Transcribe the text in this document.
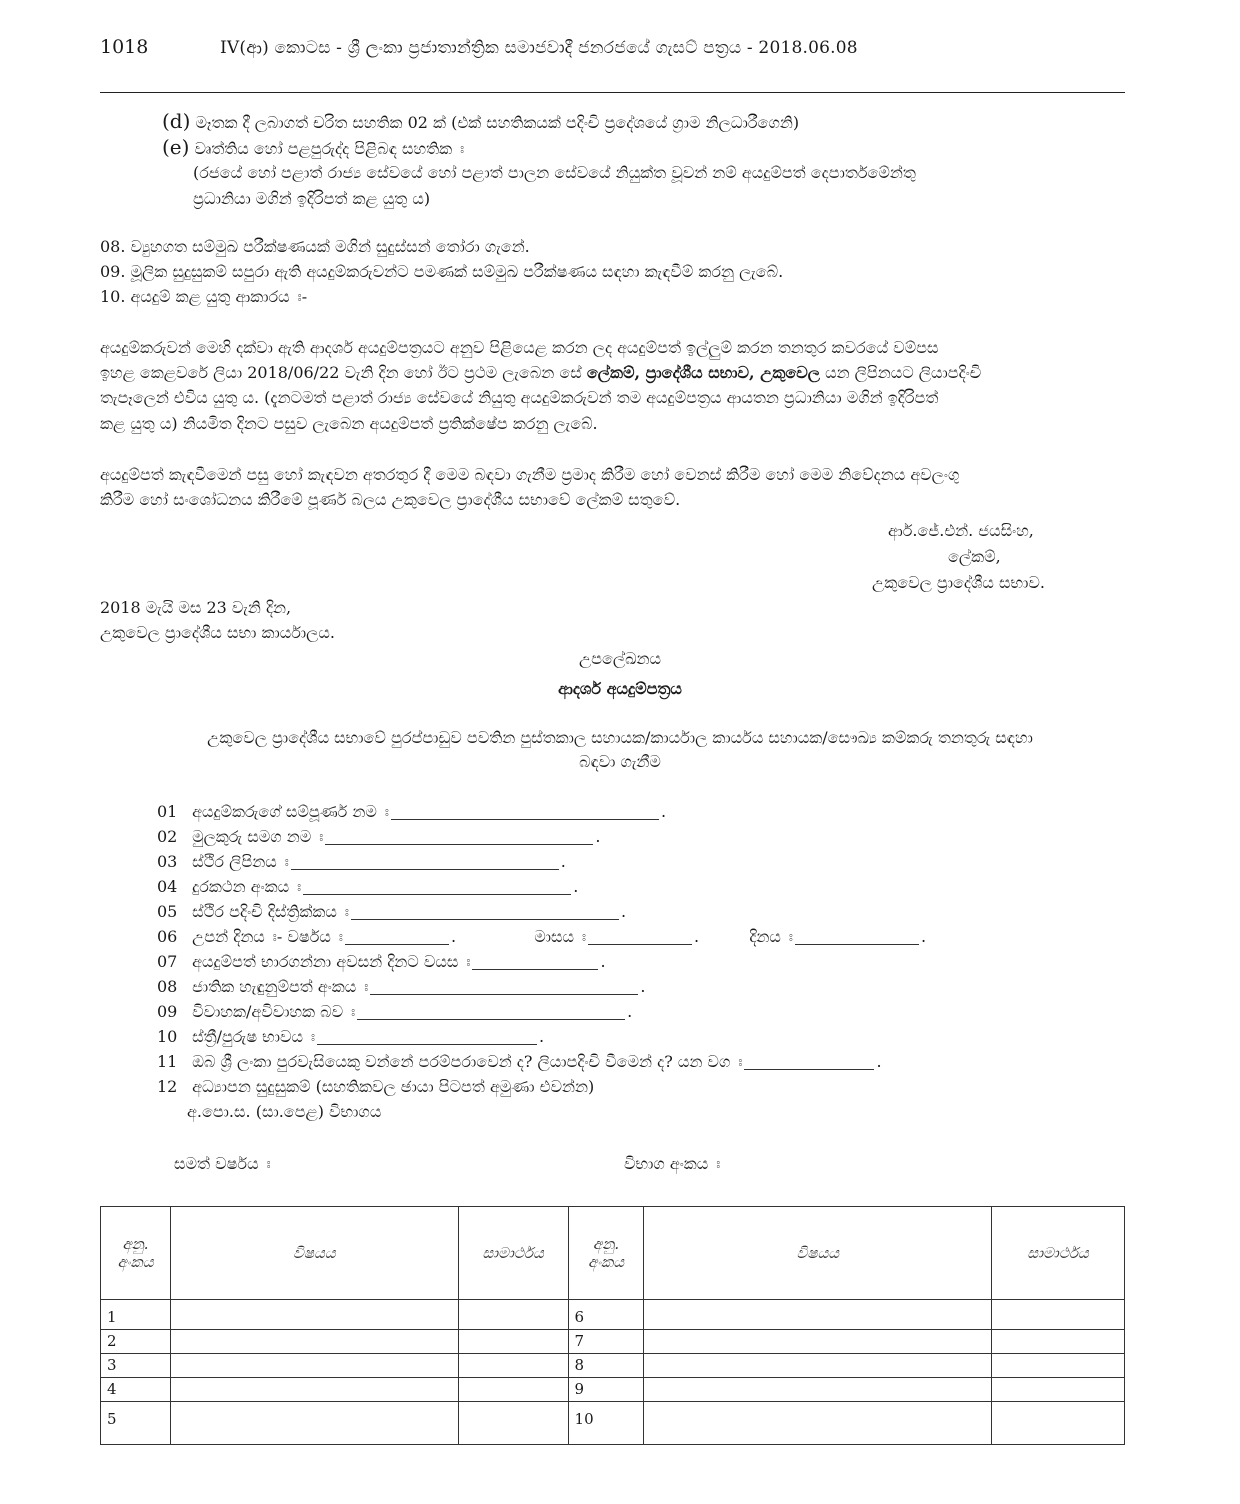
1018	IV(ආ) කොටස - ශ්‍රී ලංකා ප්‍රජාතාන්ත්‍රික සමාජවාදී ජනරජයේ ගැසට් පත්‍රය - 2018.06.08
(d) මෑතක දී ලබාගත් චරිත සහතික 02 ක් (එක් සහතිකයක් පදිංචි ප්‍රදේශයේ ග්‍රාම නිලධාරීගෙනි)
(e) වෘත්තිය හෝ පළපුරුද්ද පිළිබඳ සහතික ඃ
(රජයේ හෝ පළාත් රාජ්‍ය සේවයේ හෝ පළාත් පාලන සේවයේ නියුක්ත වූවන් නම් අයදුම්පත් දෙපාර්තමේන්තු
ප්‍රධානියා මගින් ඉදිරිපත් කළ යුතු ය)
08. ව්‍යුහගත සම්මුඛ පරීක්ෂණයක් මගින් සුදුස්සන් තෝරා ගැනේ.
09. මූලික සුදුසුකම් සපුරා ඇති අයදුම්කරුවන්ට පමණක් සම්මුඛ පරීක්ෂණය සඳහා කැඳවීම් කරනු ලැබේ.
10. අයදුම් කළ යුතු ආකාරය ඃ-
අයදුම්කරුවන් මෙහි දක්වා ඇති ආදර්ශ අයදුම්පත්‍රයට අනුව පිළියෙළ කරන ලද අයදුම්පත් ඉල්ලුම් කරන තනතුර කවරයේ වම්පස
ඉහළ කෙළවරේ ලියා 2018/06/22 වැනි දින හෝ ඊට ප්‍රථම ලැබෙන සේ ලේකම්, ප්‍රාදේශීය සභාව, උකුවෙල යන ලිපිනයට ලියාපදිංචි
තැපෑලෙන් එවිය යුතු ය. (දැනටමත් පළාත් රාජ්‍ය සේවයේ නියුතු අයදුම්කරුවන් තම අයදුම්පත්‍රය ආයතන ප්‍රධානියා මගින් ඉදිරිපත්
කළ යුතු ය) නියමිත දිනට පසුව ලැබෙන අයදුම්පත් ප්‍රතික්ෂේප කරනු ලැබේ.
අයදුම්පත් කැඳවීමෙන් පසු හෝ කැඳවන අතරතුර දී මෙම බඳවා ගැනීම ප්‍රමාද කිරීම හෝ වෙනස් කිරීම හෝ මෙම නිවේදනය අවලංගු
කිරීම හෝ සංශෝධනය කිරීමේ පූර්ණ බලය උකුවෙල ප්‍රාදේශීය සභාවේ ලේකම් සතුවේ.
ආර්.ජේ.එන්. ජයසිංහ,
ලේකම්,
උකුවෙල ප්‍රාදේශීය සභාව.
2018 මැයි මස 23 වැනි දින,
උකුවෙල ප්‍රාදේශීය සභා කාර්යාලය.
උපලේඛනය
ආදර්ශ අයදුම්පත්‍රය
උකුවෙල ප්‍රාදේශීය සභාවේ පුරප්පාඩුව පවතින පුස්තකාල සහායක/කාර්යාල කාර්යය සහායක/සෞඛ්‍ය කම්කරු තනතුරු සඳහා
බඳවා ගැනීම
01 අයදුම්කරුගේ සම්පූර්ණ නම ඃ	.
02 මුලකුරු සමග නම ඃ	.
03 ස්ථිර ලිපිනය ඃ	.
04 දුරකථන අංකය ඃ	.
05 ස්ථිර පදිංචි දිස්ත්‍රික්කය ඃ	.
06 උපන් දිනය ඃ- වර්ෂය ඃ	.	මාසය ඃ	.	දිනය ඃ	.
07 අයදුම්පත් භාරගන්නා අවසන් දිනට වයස ඃ	.
08 ජාතික හැඳුනුම්පත් අංකය ඃ	.
09 විවාහක/අවිවාහක බව ඃ	.
10 ස්ත්‍රී/පුරුෂ භාවය ඃ	.
11 ඔබ ශ්‍රී ලංකා පුරවැසියෙකු වන්නේ පරම්පරාවෙන් ද? ලියාපදිංචි වීමෙන් ද? යන වග ඃ	.
12 අධ්‍යාපන සුදුසුකම් (සහතිකවල ඡායා පිටපත් අමුණා එවන්න)
අ.පො.ස. (සා.පෙළ) විභාගය
සමත් වර්ෂය ඃ	විභාග අංකය ඃ
අනු. අංකය	විෂයය	සාමාර්ථය	අනු. අංකය	විෂයය	සාමාර්ථය
1			6		
2			7		
3			8		
4			9		
5			10		
